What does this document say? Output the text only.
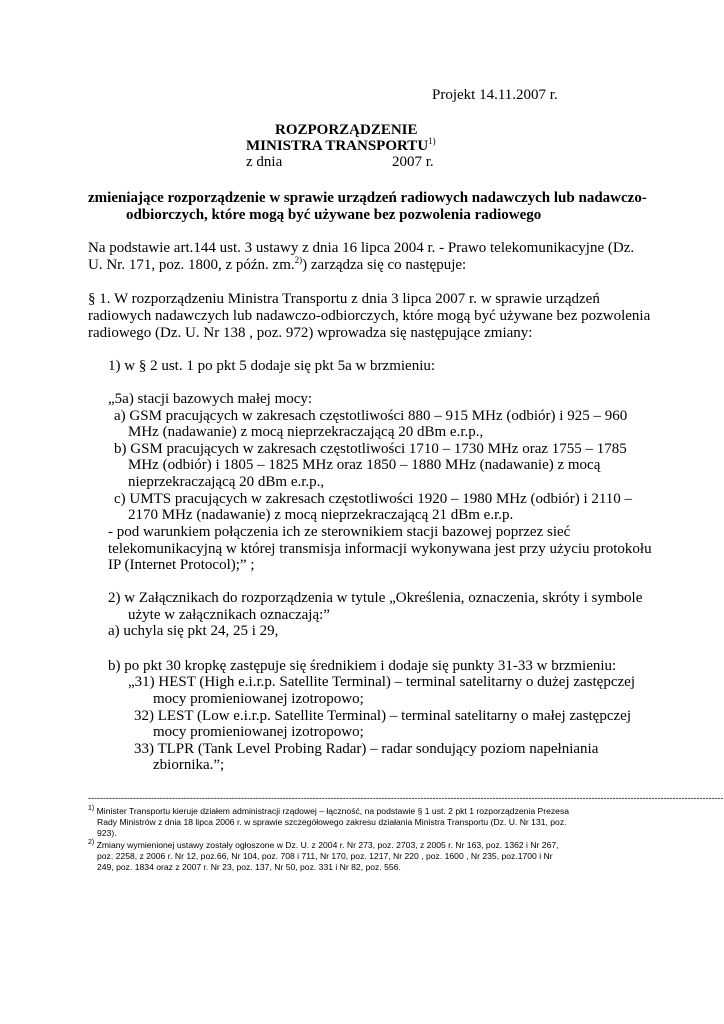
Projekt 14.11.2007 r.
ROZPORZĄDZENIE
MINISTRA TRANSPORTU$^{1)}$
z dnia	2007 r.
zmieniające rozporządzenie w sprawie urządzeń radiowych nadawczych lub nadawczo-
odbiorczych, które mogą być używane bez pozwolenia radiowego
Na podstawie art.144 ust. 3 ustawy z dnia 16 lipca 2004 r. - Prawo telekomunikacyjne (Dz.
U. Nr. 171, poz. 1800, z późn. zm.$^{2)}$) zarządza się co następuje:
§ 1. W rozporządzeniu Ministra Transportu z dnia 3 lipca 2007 r. w sprawie urządzeń
radiowych nadawczych lub nadawczo-odbiorczych, które mogą być używane bez pozwolenia
radiowego (Dz. U. Nr 138 , poz. 972) wprowadza się następujące zmiany:
1) w § 2 ust. 1 po pkt 5 dodaje się pkt 5a w brzmieniu:
„5a) stacji bazowych małej mocy:
a) GSM pracujących w zakresach częstotliwości 880 – 915 MHz (odbiór) i 925 – 960
MHz (nadawanie) z mocą nieprzekraczającą 20 dBm e.r.p.,
b) GSM pracujących w zakresach częstotliwości 1710 – 1730 MHz oraz 1755 – 1785
MHz (odbiór) i 1805 – 1825 MHz oraz 1850 – 1880 MHz (nadawanie) z mocą
nieprzekraczającą 20 dBm e.r.p.,
c) UMTS pracujących w zakresach częstotliwości 1920 – 1980 MHz (odbiór) i 2110 –
2170 MHz (nadawanie) z mocą nieprzekraczającą 21 dBm e.r.p.
- pod warunkiem połączenia ich ze sterownikiem stacji bazowej poprzez sieć
telekomunikacyjną w której transmisja informacji wykonywana jest przy użyciu protokołu
IP (Internet Protocol);” ;
2) w Załącznikach do rozporządzenia w tytule „Określenia, oznaczenia, skróty i symbole
użyte w załącznikach oznaczają:”
a) uchyla się pkt 24, 25 i 29,
b) po pkt 30 kropkę zastępuje się średnikiem i dodaje się punkty 31-33 w brzmieniu:
„31) HEST (High e.i.r.p. Satellite Terminal) – terminal satelitarny o dużej zastępczej
mocy promieniowanej izotropowo;
32) LEST (Low e.i.r.p. Satellite Terminal) – terminal satelitarny o małej zastępczej
mocy promieniowanej izotropowo;
33) TLPR (Tank Level Probing Radar) – radar sondujący poziom napełniania
zbiornika.”;
--------------------------------------------------------------------------------------------------------------------------------------------------------------------------------------------------------------------
$^{1)}$ Minister Transportu kieruje działem administracji rządowej – łączność, na podstawie § 1 ust. 2 pkt 1 rozporządzenia Prezesa
Rady Ministrów z dnia 18 lipca 2006 r. w sprawie szczegółowego zakresu działania Ministra Transportu (Dz. U. Nr 131, poz.
923).
$^{2)}$ Zmiany wymienionej ustawy zostały ogłoszone w Dz. U. z 2004 r. Nr 273, poz. 2703, z 2005 r. Nr 163, poz. 1362 i Nr 267,
poz. 2258, z 2006 r. Nr 12, poz.66, Nr 104, poz. 708 i 711, Nr 170, poz. 1217, Nr 220 , poz. 1600 , Nr 235, poz.1700 i Nr
249, poz. 1834 oraz z 2007 r. Nr 23, poz. 137, Nr 50, poz. 331 i Nr 82, poz. 556.
